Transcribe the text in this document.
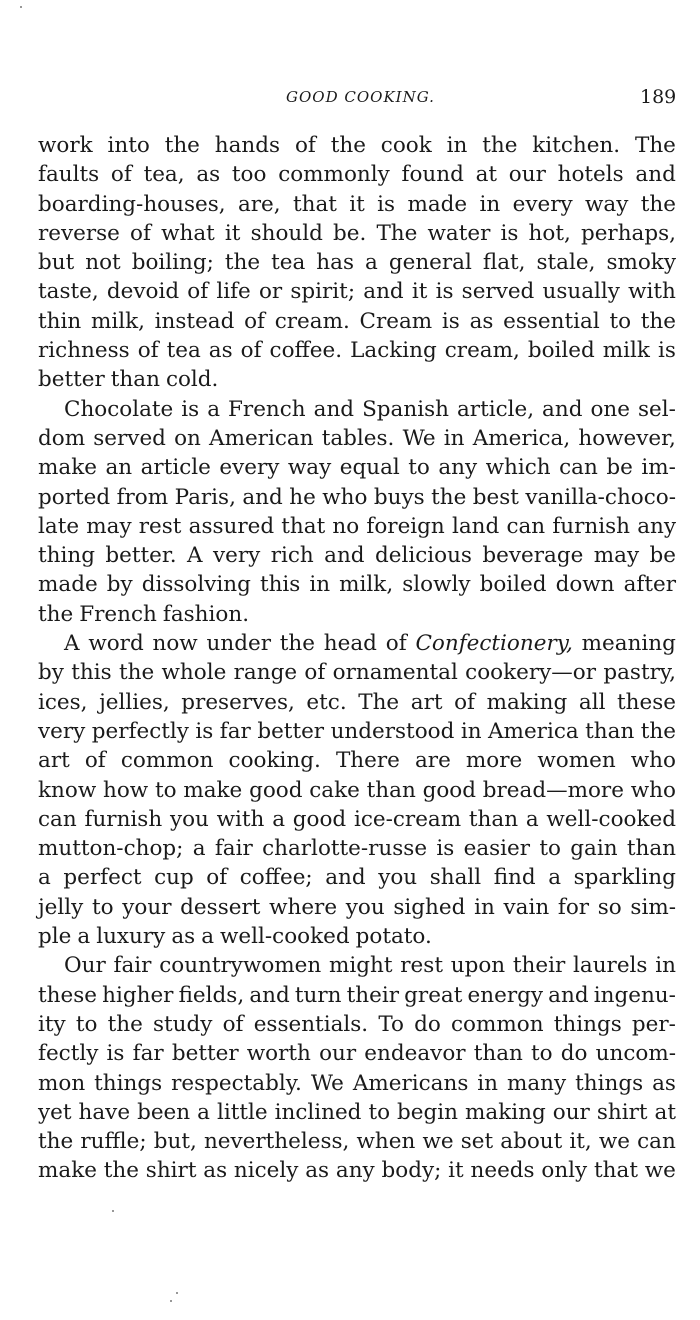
GOOD COOKING.	189
work into the hands of the cook in the kitchen. The
faults of tea, as too commonly found at our hotels and
boarding-houses, are, that it is made in every way the
reverse of what it should be. The water is hot, perhaps,
but not boiling; the tea has a general flat, stale, smoky
taste, devoid of life or spirit; and it is served usually with
thin milk, instead of cream. Cream is as essential to the
richness of tea as of coffee. Lacking cream, boiled milk is
better than cold.
Chocolate is a French and Spanish article, and one sel-
dom served on American tables. We in America, however,
make an article every way equal to any which can be im-
ported from Paris, and he who buys the best vanilla-choco-
late may rest assured that no foreign land can furnish any
thing better. A very rich and delicious beverage may be
made by dissolving this in milk, slowly boiled down after
the French fashion.
A word now under the head of Confectionery, meaning
by this the whole range of ornamental cookery—or pastry,
ices, jellies, preserves, etc. The art of making all these
very perfectly is far better understood in America than the
art of common cooking. There are more women who
know how to make good cake than good bread—more who
can furnish you with a good ice-cream than a well-cooked
mutton-chop; a fair charlotte-russe is easier to gain than
a perfect cup of coffee; and you shall find a sparkling
jelly to your dessert where you sighed in vain for so sim-
ple a luxury as a well-cooked potato.
Our fair countrywomen might rest upon their laurels in
these higher fields, and turn their great energy and ingenu-
ity to the study of essentials. To do common things per-
fectly is far better worth our endeavor than to do uncom-
mon things respectably. We Americans in many things as
yet have been a little inclined to begin making our shirt at
the ruffle; but, nevertheless, when we set about it, we can
make the shirt as nicely as any body; it needs only that we
